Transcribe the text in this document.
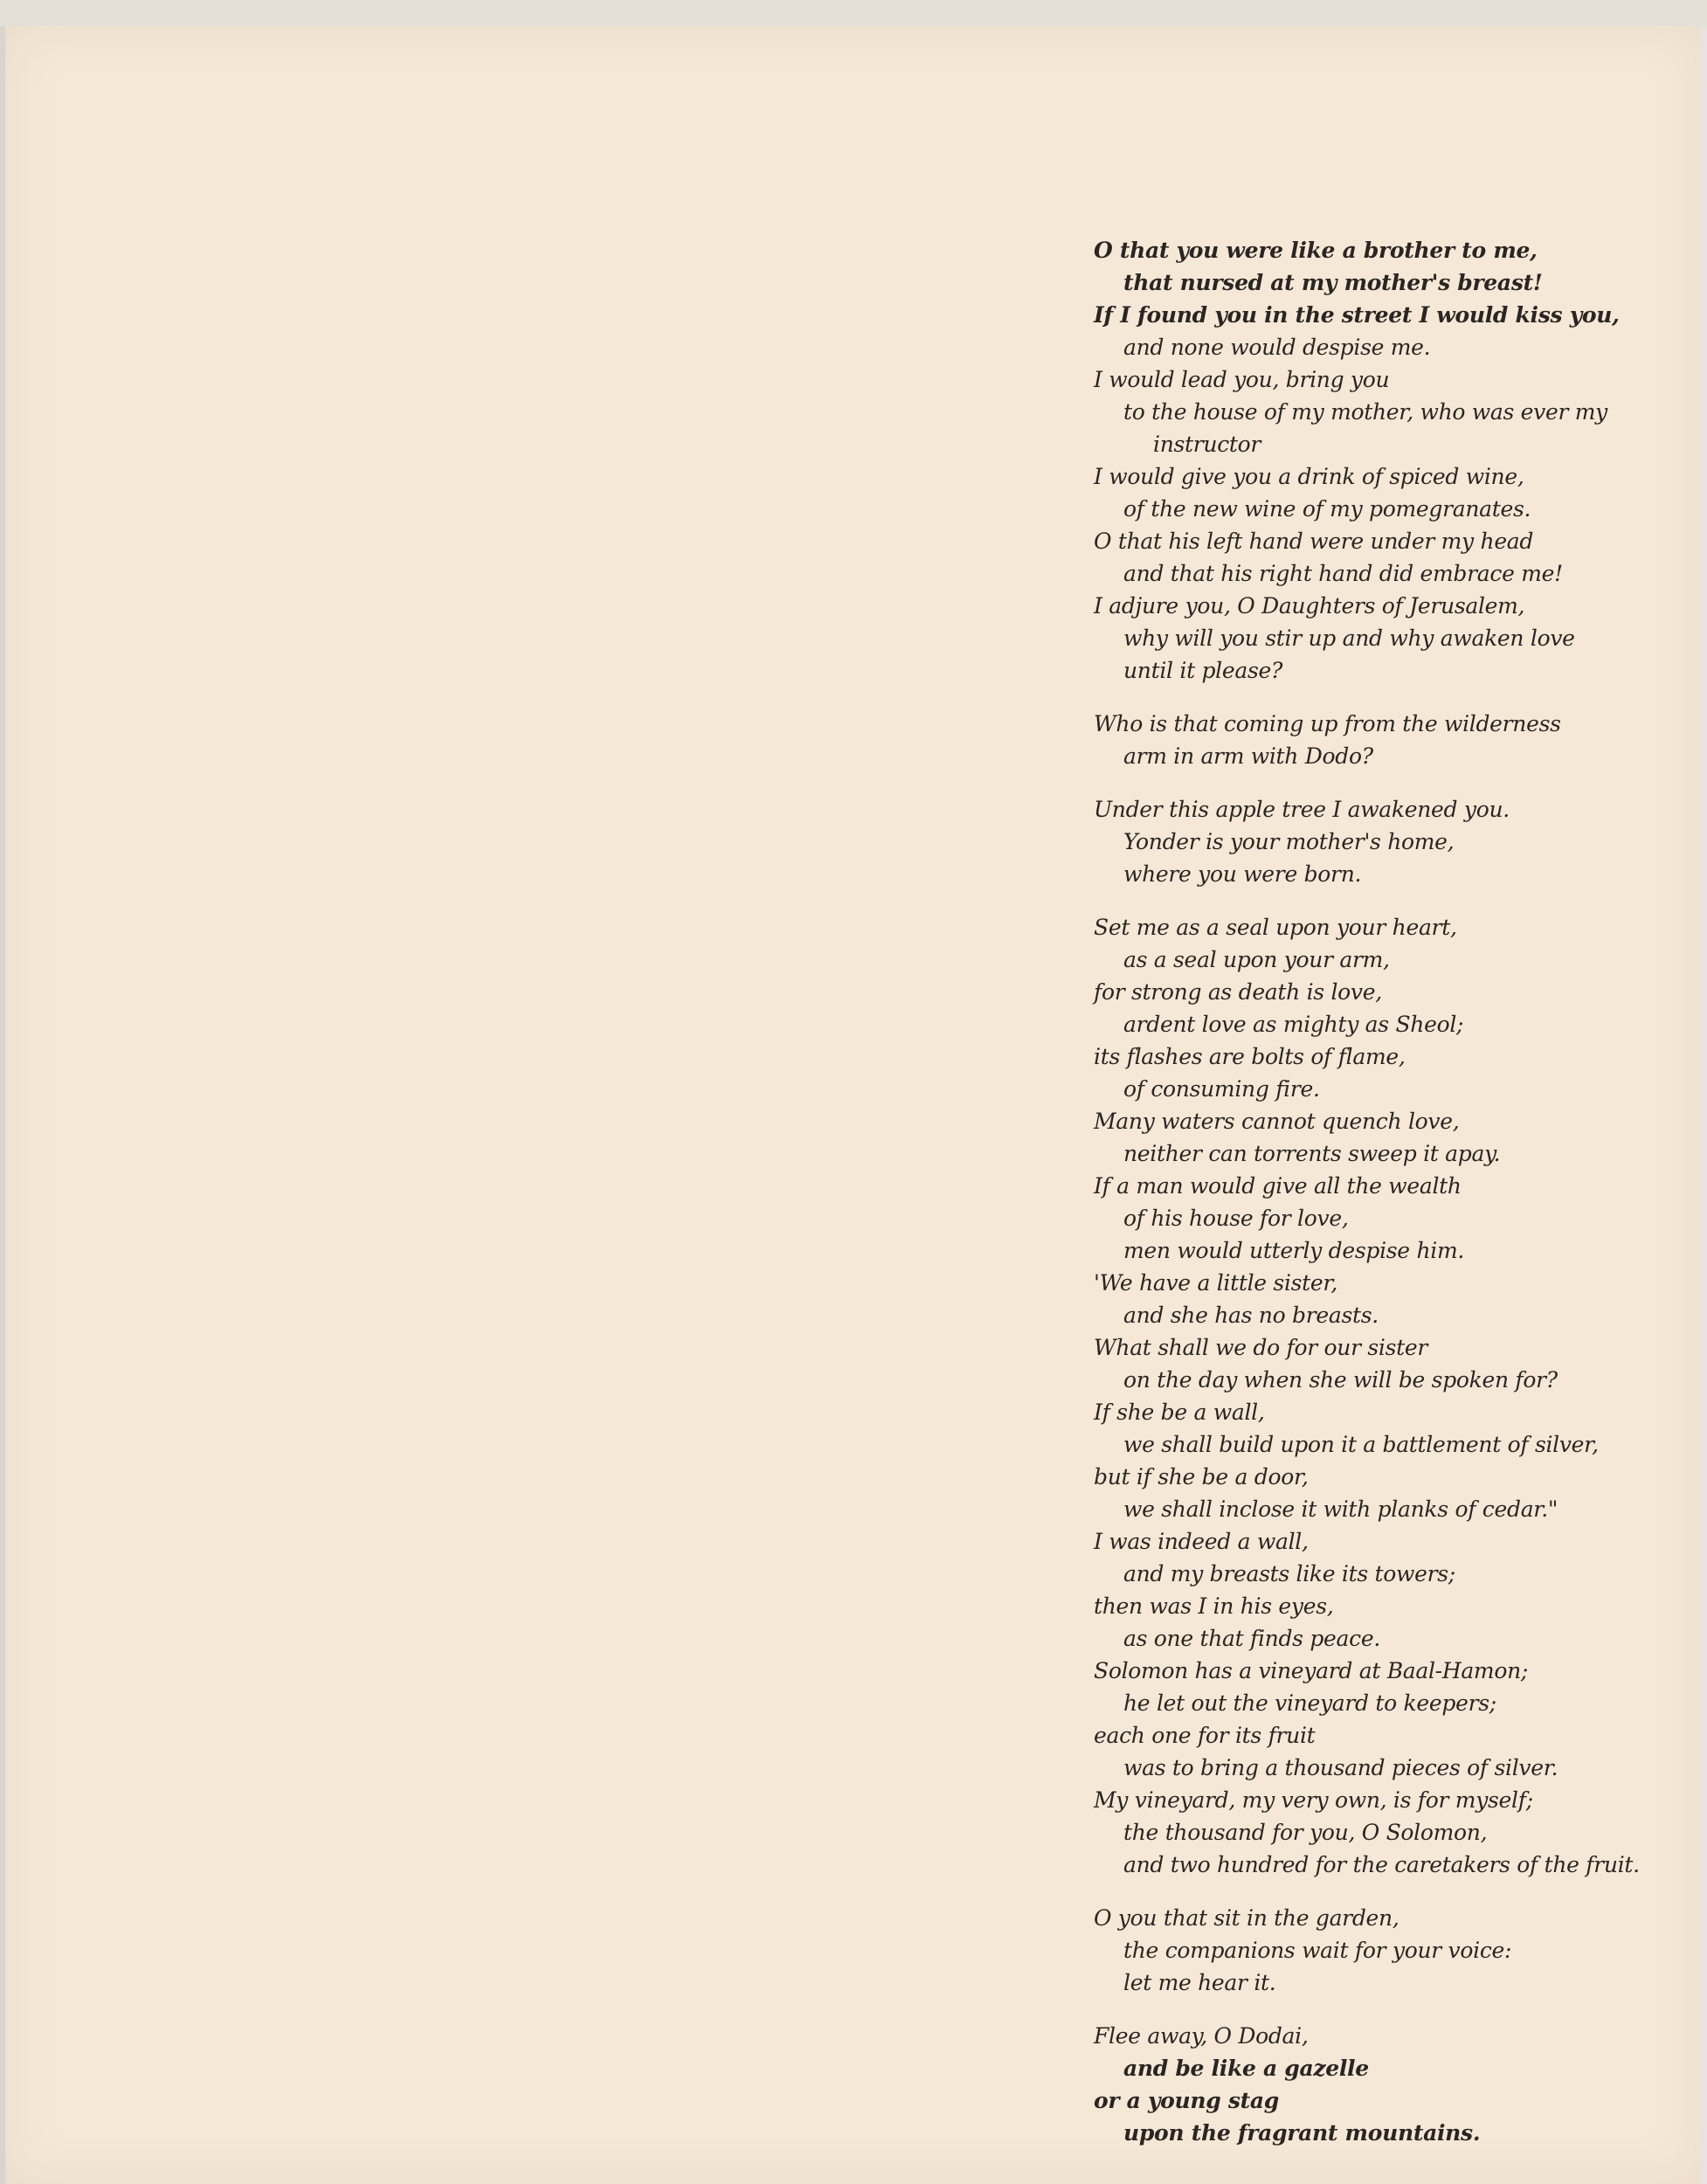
O that you were like a brother to me,
that nursed at my mother's breast!
If I found you in the street I would kiss you,
and none would despise me.
I would lead you, bring you
to the house of my mother, who was ever my
instructor
I would give you a drink of spiced wine,
of the new wine of my pomegranates.
O that his left hand were under my head
and that his right hand did embrace me!
I adjure you, O Daughters of Jerusalem,
why will you stir up and why awaken love
until it please?
Who is that coming up from the wilderness
arm in arm with Dodo?
Under this apple tree I awakened you.
Yonder is your mother's home,
where you were born.
Set me as a seal upon your heart,
as a seal upon your arm,
for strong as death is love,
ardent love as mighty as Sheol;
its flashes are bolts of flame,
of consuming fire.
Many waters cannot quench love,
neither can torrents sweep it apay.
If a man would give all the wealth
of his house for love,
men would utterly despise him.
'We have a little sister,
and she has no breasts.
What shall we do for our sister
on the day when she will be spoken for?
If she be a wall,
we shall build upon it a battlement of silver,
but if she be a door,
we shall inclose it with planks of cedar."
I was indeed a wall,
and my breasts like its towers;
then was I in his eyes,
as one that finds peace.
Solomon has a vineyard at Baal-Hamon;
he let out the vineyard to keepers;
each one for its fruit
was to bring a thousand pieces of silver.
My vineyard, my very own, is for myself;
the thousand for you, O Solomon,
and two hundred for the caretakers of the fruit.
O you that sit in the garden,
the companions wait for your voice:
let me hear it.
Flee away, O Dodai,
and be like a gazelle
or a young stag
upon the fragrant mountains.
